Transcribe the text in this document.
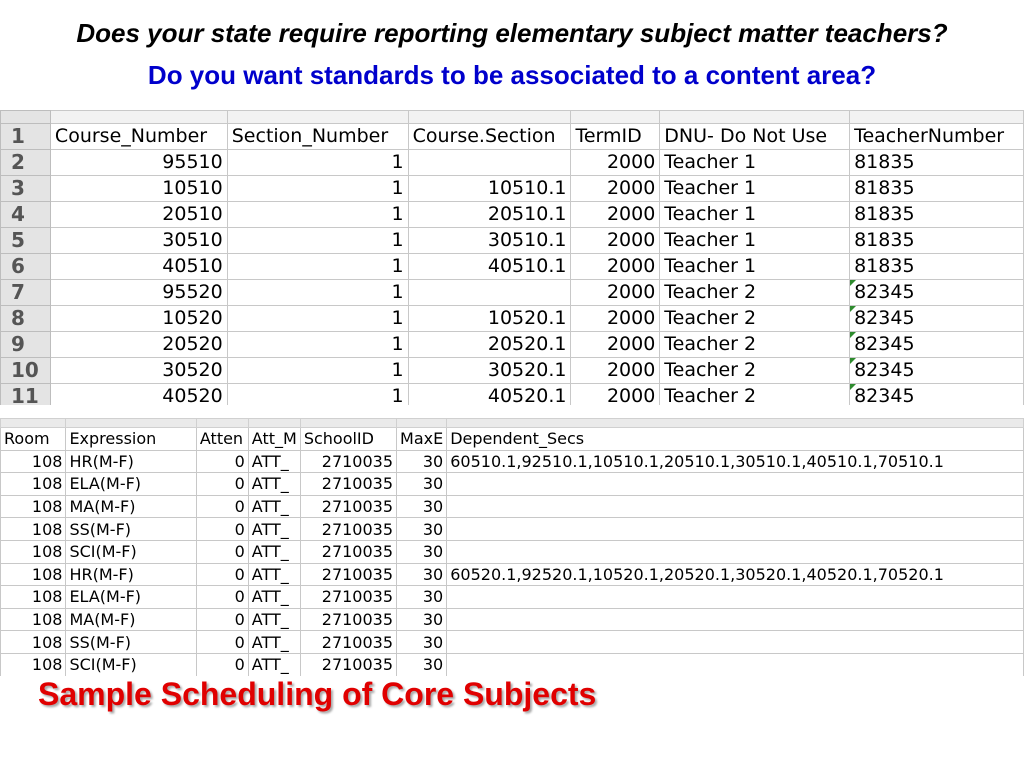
Does your state require reporting elementary subject matter teachers?
Do you want standards to be associated to a content area?

1	Course_Number	Section_Number	Course.Section	TermID	DNU- Do Not Use	TeacherNumber
2	95510	1		2000	Teacher 1	81835
3	10510	1	10510.1	2000	Teacher 1	81835
4	20510	1	20510.1	2000	Teacher 1	81835
5	30510	1	30510.1	2000	Teacher 1	81835
6	40510	1	40510.1	2000	Teacher 1	81835
7	95520	1		2000	Teacher 2	82345
8	10520	1	10520.1	2000	Teacher 2	82345
9	20520	1	20520.1	2000	Teacher 2	82345
10	30520	1	30520.1	2000	Teacher 2	82345
11	40520	1	40520.1	2000	Teacher 2	82345

Room	Expression	Atten	Att_M	SchoolID	MaxE	Dependent_Secs
108	HR(M-F)	0	ATT_	2710035	30	60510.1,92510.1,10510.1,20510.1,30510.1,40510.1,70510.1
108	ELA(M-F)	0	ATT_	2710035	30	
108	MA(M-F)	0	ATT_	2710035	30	
108	SS(M-F)	0	ATT_	2710035	30	
108	SCI(M-F)	0	ATT_	2710035	30	
108	HR(M-F)	0	ATT_	2710035	30	60520.1,92520.1,10520.1,20520.1,30520.1,40520.1,70520.1
108	ELA(M-F)	0	ATT_	2710035	30	
108	MA(M-F)	0	ATT_	2710035	30	
108	SS(M-F)	0	ATT_	2710035	30	
108	SCI(M-F)	0	ATT_	2710035	30	
Sample Scheduling of Core Subjects
